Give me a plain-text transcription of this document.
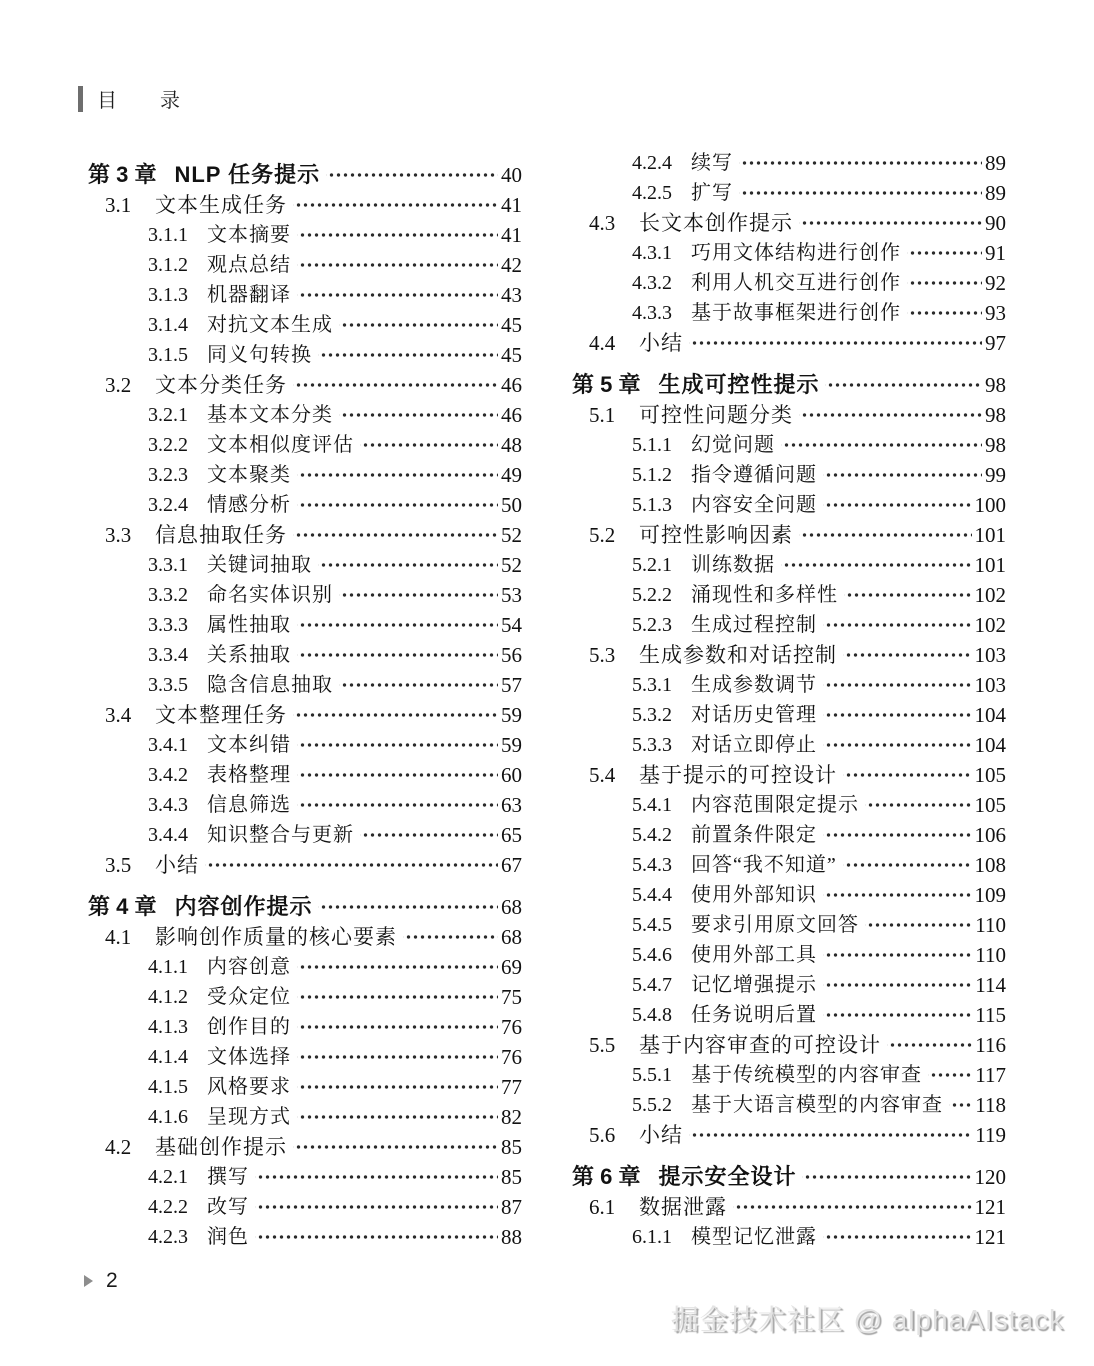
目　　录
第 3 章 NLP 任务提示	40
3.1	文本生成任务	41
3.1.1 文本摘要	41
3.1.2 观点总结	42
3.1.3 机器翻译	43
3.1.4 对抗文本生成	45
3.1.5 同义句转换	45
3.2	文本分类任务	46
3.2.1 基本文本分类	46
3.2.2 文本相似度评估	48
3.2.3 文本聚类	49
3.2.4 情感分析	50
3.3	信息抽取任务	52
3.3.1 关键词抽取	52
3.3.2 命名实体识别	53
3.3.3 属性抽取	54
3.3.4 关系抽取	56
3.3.5 隐含信息抽取	57
3.4	文本整理任务	59
3.4.1 文本纠错	59
3.4.2 表格整理	60
3.4.3 信息筛选	63
3.4.4 知识整合与更新	65
3.5	小结	67
第 4 章 内容创作提示	68
4.1	影响创作质量的核心要素	68
4.1.1 内容创意	69
4.1.2 受众定位	75
4.1.3 创作目的	76
4.1.4 文体选择	76
4.1.5 风格要求	77
4.1.6 呈现方式	82
4.2	基础创作提示	85
4.2.1 撰写	85
4.2.2 改写	87
4.2.3 润色	88
4.2.4 续写	89
4.2.5 扩写	89
4.3	长文本创作提示	90
4.3.1 巧用文体结构进行创作	91
4.3.2 利用人机交互进行创作	92
4.3.3 基于故事框架进行创作	93
4.4	小结	97
第 5 章 生成可控性提示	98
5.1	可控性问题分类	98
5.1.1 幻觉问题	98
5.1.2 指令遵循问题	99
5.1.3 内容安全问题	100
5.2	可控性影响因素	101
5.2.1 训练数据	101
5.2.2 涌现性和多样性	102
5.2.3 生成过程控制	102
5.3	生成参数和对话控制	103
5.3.1 生成参数调节	103
5.3.2 对话历史管理	104
5.3.3 对话立即停止	104
5.4	基于提示的可控设计	105
5.4.1 内容范围限定提示	105
5.4.2 前置条件限定	106
5.4.3 回答“我不知道”	108
5.4.4 使用外部知识	109
5.4.5 要求引用原文回答	110
5.4.6 使用外部工具	110
5.4.7 记忆增强提示	114
5.4.8 任务说明后置	115
5.5	基于内容审查的可控设计	116
5.5.1 基于传统模型的内容审查	117
5.5.2 基于大语言模型的内容审查 118
5.6	小结	119
第 6 章 提示安全设计	120
6.1	数据泄露	121
6.1.1 模型记忆泄露	121
2
掘金技术社区 @ alphaAIstack
